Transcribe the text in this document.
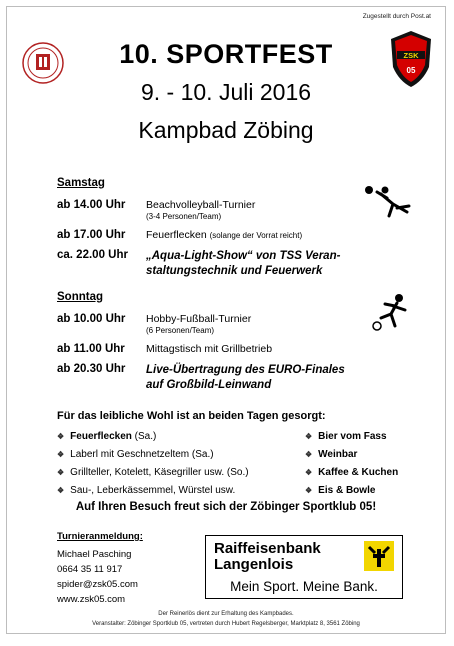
Zugestellt durch Post.at
ZSK
05
10. SPORTFEST
9. - 10. Juli 2016
Kampbad Zöbing
Samstag
ab 14.00 Uhr Beachvolleyball-Turnier
(3-4 Personen/Team)
ab 17.00 Uhr Feuerflecken (solange der Vorrat reicht)
ca. 22.00 Uhr „Aqua-Light-Show“ von TSS Veran-
staltungstechnik und Feuerwerk
Sonntag
ab 10.00 Uhr Hobby-Fußball-Turnier
(6 Personen/Team)
ab 11.00 Uhr Mittagstisch mit Grillbetrieb
ab 20.30 Uhr Live-Übertragung des EURO-Finales
auf Großbild-Leinwand
Für das leibliche Wohl ist an beiden Tagen gesorgt:
❖ Feuerflecken (Sa.)
❖ Laberl mit Geschnetzeltem (Sa.)
❖ Grillteller, Kotelett, Käsegriller usw. (So.)
❖ Sau-, Leberkässemmel, Würstel usw.
❖ Bier vom Fass
❖ Weinbar
❖ Kaffee & Kuchen
❖ Eis & Bowle
Auf Ihren Besuch freut sich der Zöbinger Sportklub 05!
Turnieranmeldung:
Michael Pasching
0664 35 11 917
spider@zsk05.com
www.zsk05.com
Raiffeisenbank
Langenlois
Mein Sport. Meine Bank.
Der Reinerlös dient zur Erhaltung des Kampbades.
Veranstalter: Zöbinger Sportklub 05, vertreten durch Hubert Regelsberger, Marktplatz 8, 3561 Zöbing
